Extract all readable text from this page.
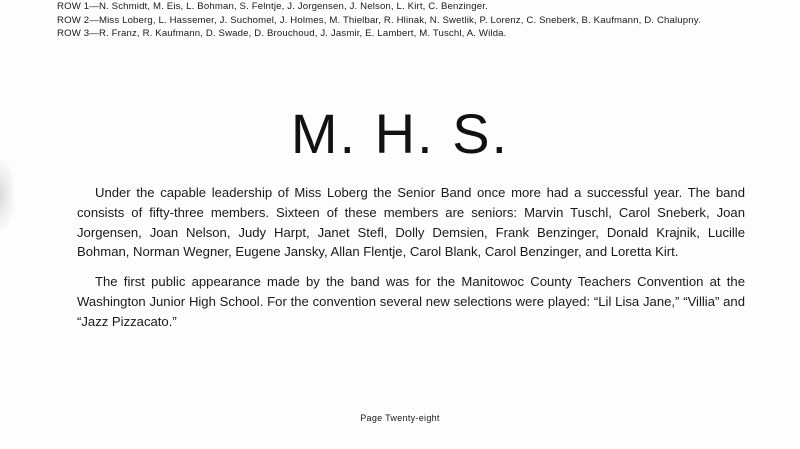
ROW 1— N. Schmidt, M. Eis, L. Bohman, S. Felntje, J. Jorgensen, J. Nelson, L. Kirt, C. Benzinger.
ROW 2— Miss Loberg, L. Hassemer, J. Suchomel, J. Holmes, M. Thielbar, R. Hlinak, N. Swetlik, P. Lorenz, C. Sneberk, B. Kaufmann, D. Chalupny.
ROW 3— R. Franz, R. Kaufmann, D. Swade, D. Brouchoud, J. Jasmir, E. Lambert, M. Tuschl, A. Wilda.
M. H. S.

Under the capable leadership of Miss Loberg the Senior Band once more had a successful year. The band consists of fifty-three members. Sixteen of these members are seniors: Marvin Tuschl, Carol Sneberk, Joan Jorgensen, Joan Nelson, Judy Harpt, Janet Stefl, Dolly Demsien, Frank Benzinger, Donald Krajnik, Lucille Bohman, Norman Wegner, Eugene Jansky, Allan Flentje, Carol Blank, Carol Benzinger, and Loretta Kirt.

The first public appearance made by the band was for the Manitowoc County Teachers Convention at the Washington Junior High School. For the convention several new selections were played: “Lil Lisa Jane,” “Villia” and “Jazz Pizzacato.”

Page Twenty-eight
